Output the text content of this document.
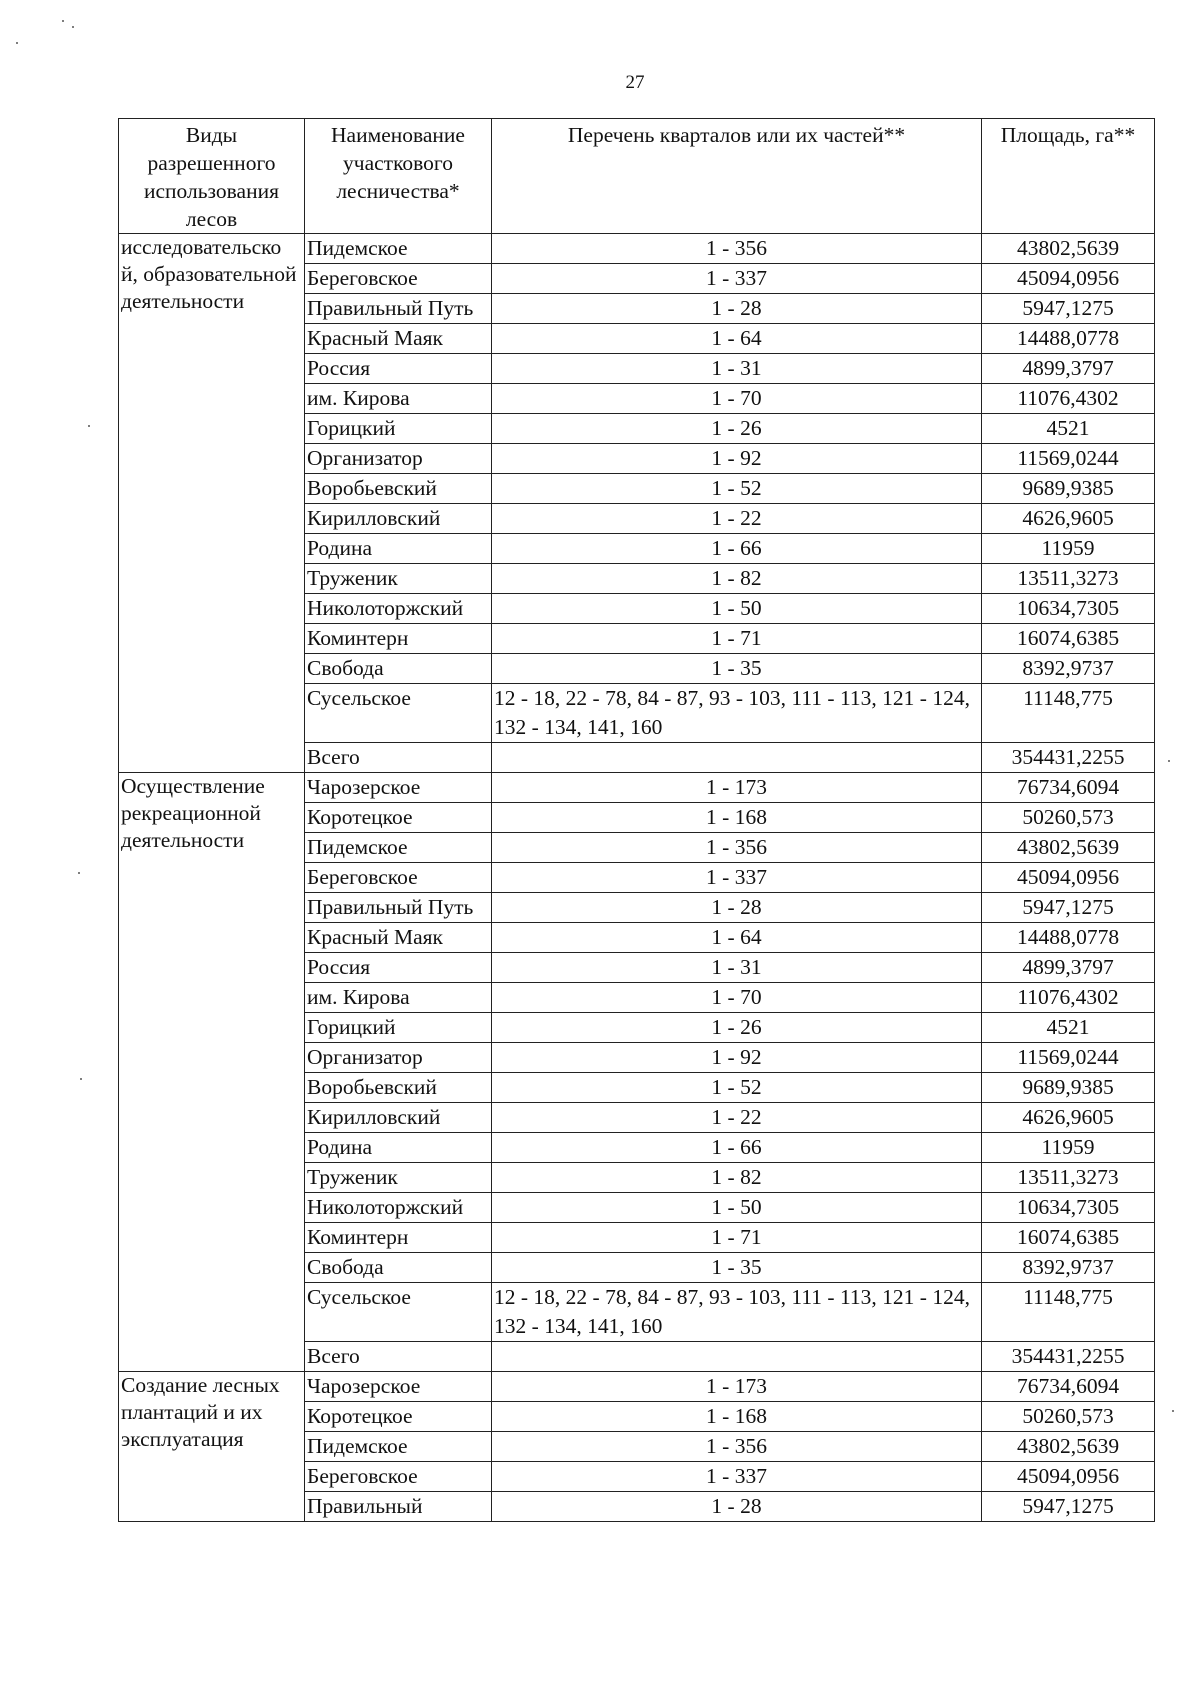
27
Виды разрешенного использования лесов	Наименование участкового лесничества*	Перечень кварталов или их частей**	Площадь, га**
исследовательско й, образовательной деятельности	Пидемское	1 - 356	43802,5639
	Береговское	1 - 337	45094,0956
	Правильный Путь	1 - 28	5947,1275
	Красный Маяк	1 - 64	14488,0778
	Россия	1 - 31	4899,3797
	им. Кирова	1 - 70	11076,4302
	Горицкий	1 - 26	4521
	Организатор	1 - 92	11569,0244
	Воробьевский	1 - 52	9689,9385
	Кирилловский	1 - 22	4626,9605
	Родина	1 - 66	11959
	Труженик	1 - 82	13511,3273
	Николоторжский	1 - 50	10634,7305
	Коминтерн	1 - 71	16074,6385
	Свобода	1 - 35	8392,9737
	Сусельское	12 - 18, 22 - 78, 84 - 87, 93 - 103, 111 - 113, 121 - 124, 132 - 134, 141, 160	11148,775
	Всего		354431,2255
Осуществление рекреационной деятельности	Чарозерское	1 - 173	76734,6094
	Коротецкое	1 - 168	50260,573
	Пидемское	1 - 356	43802,5639
	Береговское	1 - 337	45094,0956
	Правильный Путь	1 - 28	5947,1275
	Красный Маяк	1 - 64	14488,0778
	Россия	1 - 31	4899,3797
	им. Кирова	1 - 70	11076,4302
	Горицкий	1 - 26	4521
	Организатор	1 - 92	11569,0244
	Воробьевский	1 - 52	9689,9385
	Кирилловский	1 - 22	4626,9605
	Родина	1 - 66	11959
	Труженик	1 - 82	13511,3273
	Николоторжский	1 - 50	10634,7305
	Коминтерн	1 - 71	16074,6385
	Свобода	1 - 35	8392,9737
	Сусельское	12 - 18, 22 - 78, 84 - 87, 93 - 103, 111 - 113, 121 - 124, 132 - 134, 141, 160	11148,775
	Всего		354431,2255
Создание лесных плантаций и их эксплуатация	Чарозерское	1 - 173	76734,6094
	Коротецкое	1 - 168	50260,573
	Пидемское	1 - 356	43802,5639
	Береговское	1 - 337	45094,0956
	Правильный	1 - 28	5947,1275
